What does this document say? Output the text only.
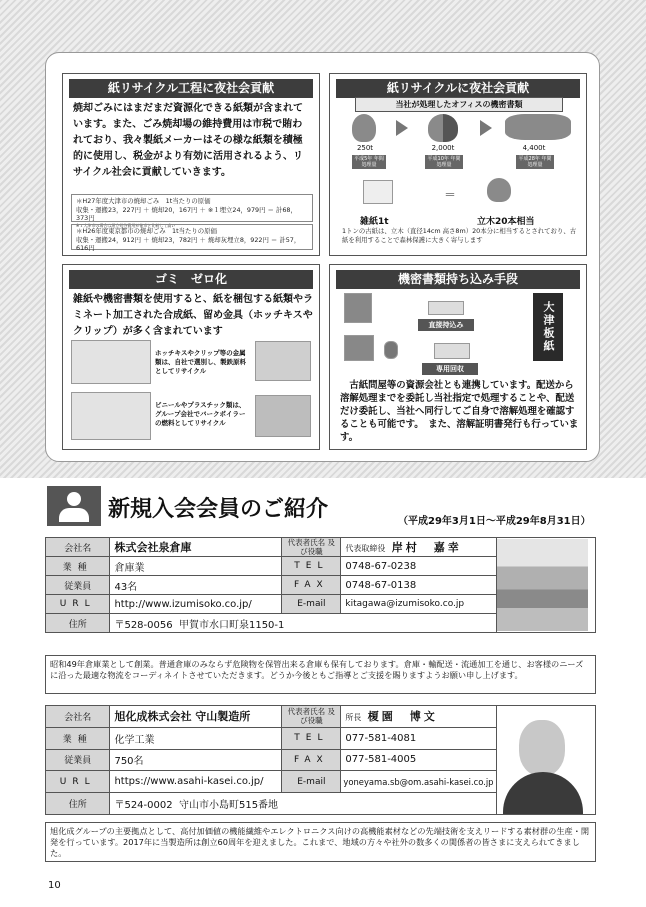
紙リサイクル工程に夜社会貢献
焼却ごみにはまだまだ資源化できる紙類が含まれています。また、ごみ焼却場の維持費用は市税で賄われており、我々製紙メーカーはその様な紙類を積極的に使用し、税金がより有効に活用されるよう、リサイクル社会に貢献していきます。
＊H27年度大津市の焼却ごみ　1t当たりの原価
収集・運搬23，227円 ＋ 焼却20，167円 ＋ ※１埋立24，979円 ＝ 計68，373円
※１大津市の場合は埋立処分費用が他市と比較して高い
＊H26年度東京都市の焼却ごみ　1t当たりの原価
収集・運搬24，912円 ＋ 焼却23，782円 ＋ 焼却灰埋立8，922円 ＝ 計57，616円
紙リサイクルに夜社会貢献
当社が処理したオフィスの機密書類
250t	2,000t	4,400t
平成5年 年間処理量
平成10年 年間処理量
平成28年 年間処理量
＝
雑紙1t	立木20本相当
1トンの古紙は、立木（直径14cm 高さ8m）20本分に相当するとされており、古紙を利用することで森林保護に大きく寄与します
ゴミ　ゼロ化
雑紙や機密書類を使用すると、紙を梱包する紙類やラミネート加工された合成紙、留め金具（ホッチキスやクリップ）が多く含まれています
ホッチキスやクリップ等の金属類は、自社で選別し、製鉄原料としてリサイクル
ビニールやプラスチック類は、グループ会社でバークボイラーの燃料としてリサイクル
機密書類持ち込み手段
直接持込み
専用回収
大津板紙
　古紙問屋等の資源会社とも連携しています。配送から溶解処理までを委託し当社指定で処理することや、配送だけ委託し、当社へ同行してご自身で溶解処理を確認することも可能です。　また、溶解証明書発行も行っています。
新規入会会員のご紹介	（平成29年3月1日～平成29年8月31日）
会社名	株式会社泉倉庫	代表者氏名 及び役職	代表取締役 岸村　嘉幸	

業種	倉庫業	TEL	0748-67-0238	
従業員	43名	FAX	0748-67-0138	
URL	http://www.izumisoko.co.jp/	E-mail	kitagawa@izumisoko.co.jp	
住所	〒528-0056 甲賀市水口町泉1150-1			
昭和49年倉庫業として創業。普通倉庫のみならず危険物を保管出来る倉庫も保有しております。倉庫・輸配送・流通加工を通じ、お客様のニーズに沿った最適な物流をコーディネイトさせていただきます。どうか今後ともご指導とご支援を賜りますようお願い申し上げます。
会社名	旭化成株式会社 守山製造所	代表者氏名 及び役職	所長 榎園　博文	

業種	化学工業	TEL	077-581-4081	
従業員	750名	FAX	077-581-4005	
URL	https://www.asahi-kasei.co.jp/	E-mail	yoneyama.sb@om.asahi-kasei.co.jp	
住所	〒524-0002 守山市小島町515番地			
旭化成グループの主要拠点として、高付加価値の機能繊維やエレクトロニクス向けの高機能素材などの先端技術を支えリードする素材群の生産・開発を行っています。2017年に当製造所は創立60周年を迎えました。これまで、地域の方々や社外の数多くの関係者の皆さまに支えられてきました。
10
